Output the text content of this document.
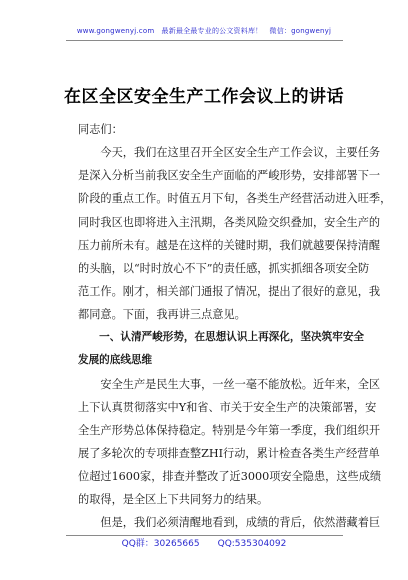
www.gongwenyj.com　最新最全最专业的公文资料库！　微信：gongwenyj
在区全区安全生产工作会议上的讲话
同志们：
　　今天，我们在这里召开全区安全生产工作会议，主要任务
是深入分析当前我区安全生产面临的严峻形势，安排部署下一
阶段的重点工作。时值五月下旬，各类生产经营活动进入旺季，
同时我区也即将进入主汛期，各类风险交织叠加，安全生产的
压力前所未有。越是在这样的关键时期，我们就越要保持清醒
的头脑，以“时时放心不下”的责任感，抓实抓细各项安全防
范工作。刚才，相关部门通报了情况，提出了很好的意见，我
都同意。下面，我再讲三点意见。
　　一、认清严峻形势，在思想认识上再深化，坚决筑牢安全
发展的底线思维
　　安全生产是民生大事，一丝一毫不能放松。近年来，全区
上下认真贯彻落实中Y和省、市关于安全生产的决策部署，安
全生产形势总体保持稳定。特别是今年第一季度，我们组织开
展了多轮次的专项排查整ZHI行动，累计检查各类生产经营单
位超过1600家，排查并整改了近3000项安全隐患，这些成绩
的取得，是全区上下共同努力的结果。
　　但是，我们必须清醒地看到，成绩的背后，依然潜藏着巨
QQ群：30265665 QQ:535304092
